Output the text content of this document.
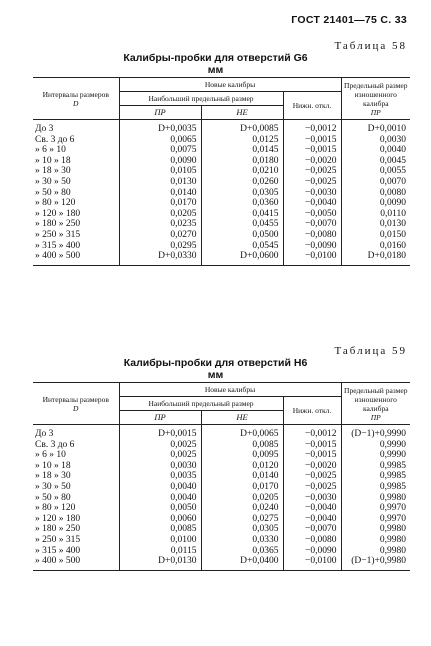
ГОСТ 21401—75 С. 33
Таблица 58
Калибры-пробки для отверстий G6
мм
Интервалы размеров
D	Новые калибры			Предельный размер изношенного калибра
ПР
	Наибольший предельный размер		Нижн. откл.	
	ПР	НЕ		
До 3	D+0,0035	D+0,0085	−0,0012	D+0,0010
Св. 3 до 6	0,0065	0,0125	−0,0015	0,0030
» 6 » 10	0,0075	0,0145	−0,0015	0,0040
» 10 » 18	0,0090	0,0180	−0,0020	0,0045
» 18 » 30	0,0105	0,0210	−0,0025	0,0055
» 30 » 50	0,0130	0,0260	−0,0025	0,0070
» 50 » 80	0,0140	0,0305	−0,0030	0,0080
» 80 » 120	0,0170	0,0360	−0,0040	0,0090
» 120 » 180	0,0205	0,0415	−0,0050	0,0110
» 180 » 250	0,0235	0,0455	−0,0070	0,0130
» 250 » 315	0,0270	0,0500	−0,0080	0,0150
» 315 » 400	0,0295	0,0545	−0,0090	0,0160
» 400 » 500	D+0,0330	D+0,0600	−0,0100	D+0,0180
Таблица 59
Калибры-пробки для отверстий H6
мм
Интервалы размеров
D	Новые калибры			Предельный размер изношенного калибра
ПР
	Наибольший предельный размер		Нижн. откл.	
	ПР	НЕ		
До 3	D+0,0015	D+0,0065	−0,0012	(D−1)+0,9990
Св. 3 до 6	0,0025	0,0085	−0,0015	0,9990
» 6 » 10	0,0025	0,0095	−0,0015	0,9990
» 10 » 18	0,0030	0,0120	−0,0020	0,9985
» 18 » 30	0,0035	0,0140	−0,0025	0,9985
» 30 » 50	0,0040	0,0170	−0,0025	0,9985
» 50 » 80	0,0040	0,0205	−0,0030	0,9980
» 80 » 120	0,0050	0,0240	−0,0040	0,9970
» 120 » 180	0,0060	0,0275	−0,0040	0,9970
» 180 » 250	0,0085	0,0305	−0,0070	0,9980
» 250 » 315	0,0100	0,0330	−0,0080	0,9980
» 315 » 400	0,0115	0,0365	−0,0090	0,9980
» 400 » 500	D+0,0130	D+0,0400	−0,0100	(D−1)+0,9980
